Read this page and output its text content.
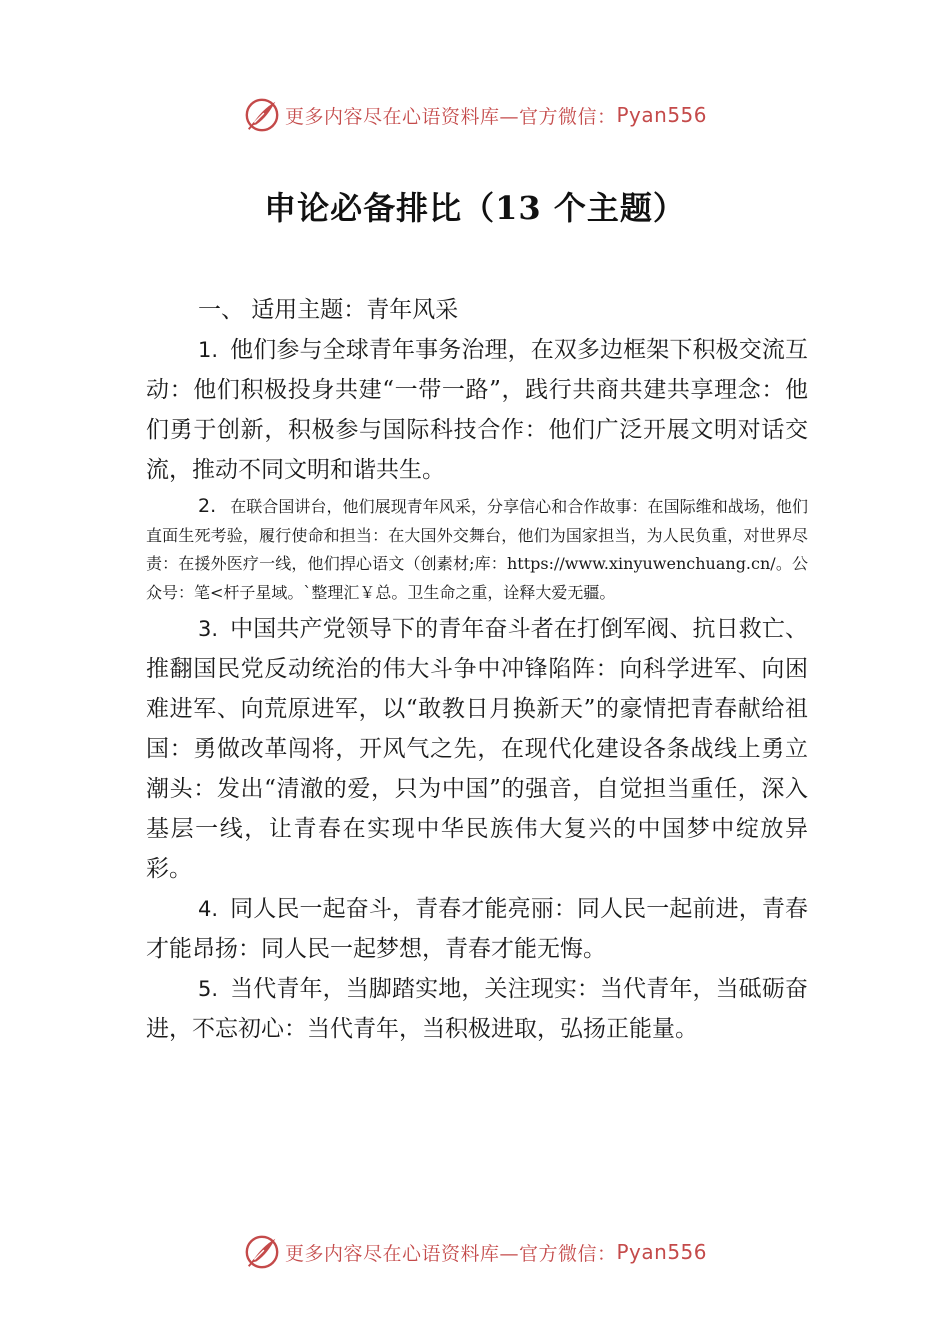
更多内容尽在心语资料库—官方微信： Pyan556
申论必备排比（13 个主题）

一、 适用主题：青年风采

1. 他们参与全球青年事务治理，在双多边框架下积极交流互动：他们积极投身共建“一带一路”，践行共商共建共享理念：他们勇于创新，积极参与国际科技合作：他们广泛开展文明对话交流，推动不同文明和谐共生。

2. 在联合国讲台，他们展现青年风采，分享信心和合作故事：在国际维和战场，他们直面生死考验，履行使命和担当：在大国外交舞台，他们为国家担当，为人民负重，对世界尽责：在援外医疗一线，他们捍心语文（创素材;库：https://www.xinyuwenchuang.cn/。公众号：笔<杆子星域。`整理汇￥总。卫生命之重，诠释大爱无疆。

3. 中国共产党领导下的青年奋斗者在打倒军阀、抗日救亡、推翻国民党反动统治的伟大斗争中冲锋陷阵：向科学进军、向困难进军、向荒原进军，以“敢教日月换新天”的豪情把青春献给祖国：勇做改革闯将，开风气之先，在现代化建设各条战线上勇立潮头：发出“清澈的爱，只为中国”的强音，自觉担当重任，深入基层一线，让青春在实现中华民族伟大复兴的中国梦中绽放异彩。

4. 同人民一起奋斗，青春才能亮丽：同人民一起前进，青春才能昂扬：同人民一起梦想，青春才能无悔。

5. 当代青年，当脚踏实地，关注现实：当代青年，当砥砺奋进，不忘初心：当代青年，当积极进取，弘扬正能量。

更多内容尽在心语资料库—官方微信： Pyan556
